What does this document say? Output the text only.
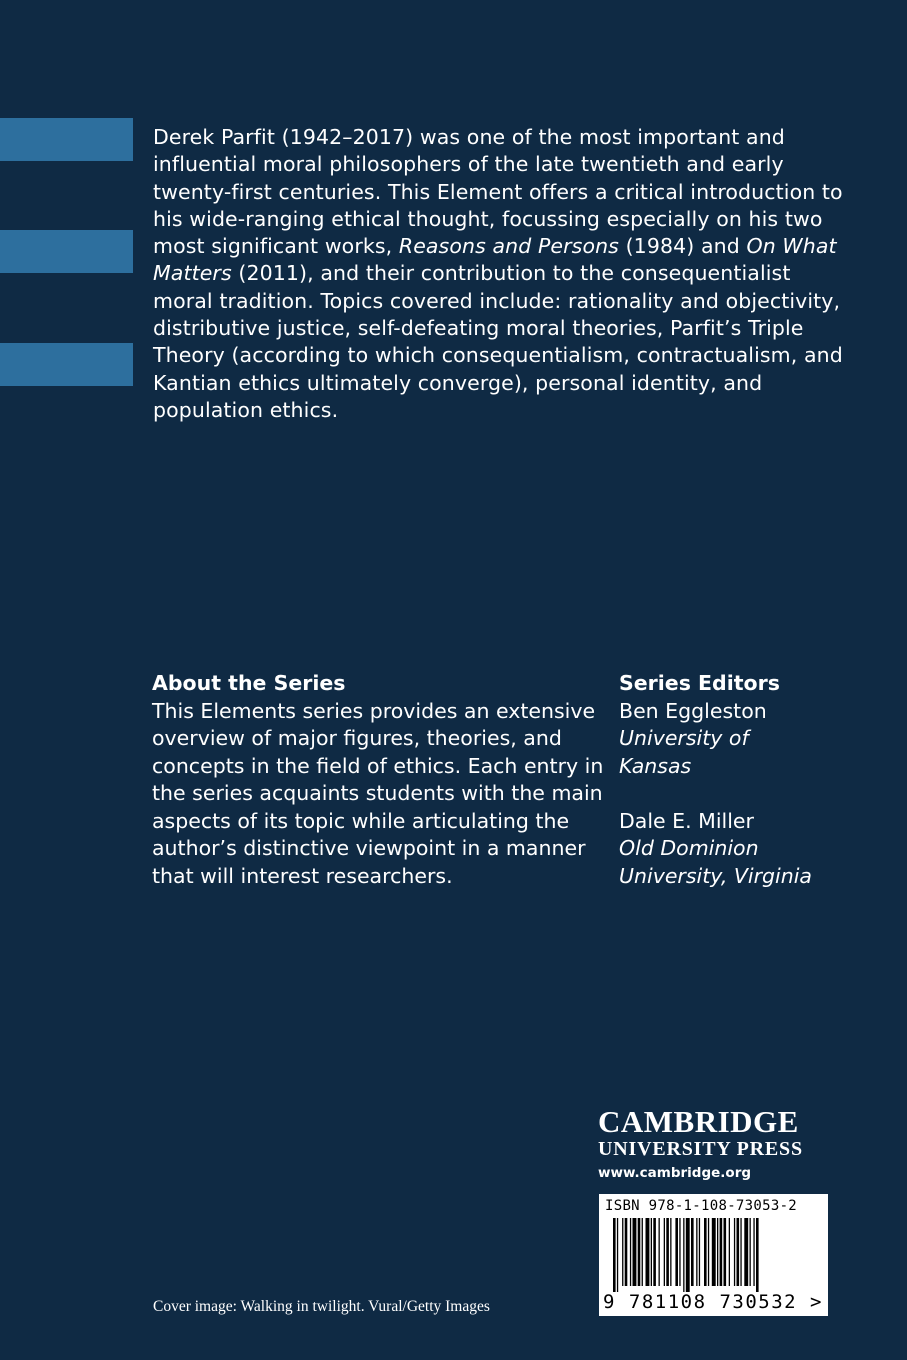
Derek Parfit (1942–2017) was one of the most important and influential moral philosophers of the late twentieth and early twenty-first centuries. This Element offers a critical introduction to his wide-ranging ethical thought, focussing especially on his two most significant works, Reasons and Persons (1984) and On What Matters (2011), and their contribution to the consequentialist moral tradition. Topics covered include: rationality and objectivity, distributive justice, self-defeating moral theories, Parfit’s Triple Theory (according to which consequentialism, contractualism, and Kantian ethics ultimately converge), personal identity, and population ethics.
About the Series
This Elements series provides an extensive overview of major figures, theories, and concepts in the field of ethics. Each entry in the series acquaints students with the main aspects of its topic while articulating the author’s distinctive viewpoint in a manner that will interest researchers.
Series Editors
Ben Eggleston
University of
Kansas
Dale E. Miller
Old Dominion
University, Virginia
CAMBRIDGE
UNIVERSITY PRESS
www.cambridge.org
ISBN 978-1-108-73053-2
9 781108 730532 >
Cover image: Walking in twilight. Vural/Getty Images
